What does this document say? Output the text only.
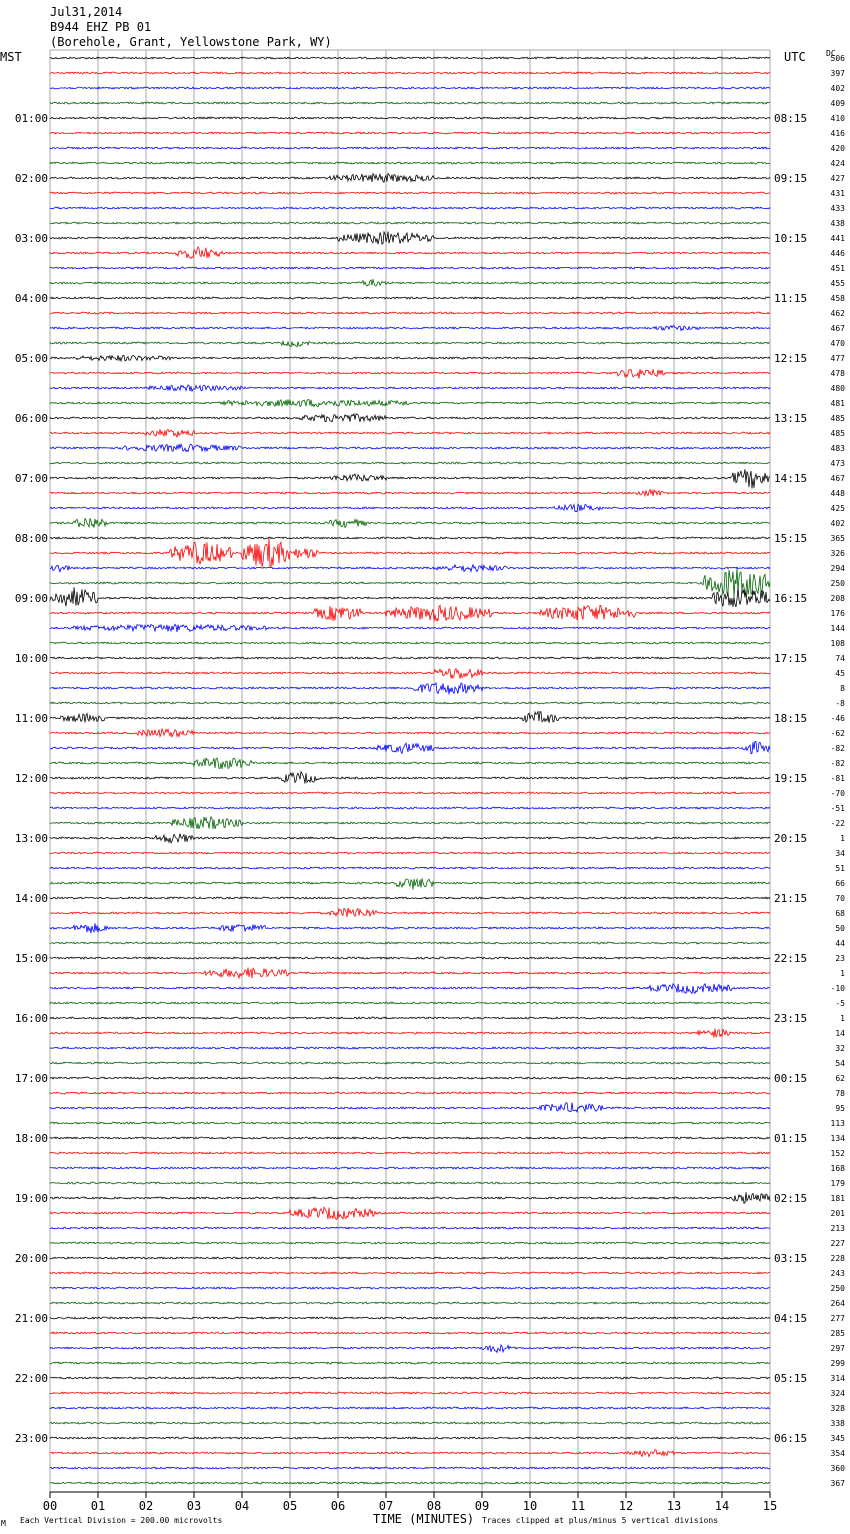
Jul31,2014
B944 EHZ PB 01
(Borehole, Grant, Yellowstone Park, WY)
MST	UTC	DC
01:00
02:00
03:00
04:00
05:00
06:00
07:00
08:00
09:00
10:00
11:00
12:00
13:00
14:00
15:00
16:00
17:00
18:00
19:00
20:00
21:00
22:00
23:00
08:15
09:15
10:15
11:15
12:15
13:15
14:15
15:15
16:15
17:15
18:15
19:15
20:15
21:15
22:15
23:15
00:15
01:15
02:15
03:15
04:15
05:15
06:15
506
397
402
409
410
416
420
424
427
431
433
438
441
446
451
455
458
462
467
470
477
478
480
481
485
485
483
473
467
448
425
402
365
326
294
250
208
176
144
108
74
45
8
-8
-46
-62
-82
-82
-81
-70
-51
-22
1
34
51
66
70
68
50
44
23
1
-10
-5
1
14
32
54
62
78
95
113
134
152
168
179
181
201
213
227
228
243
250
264
277
285
297
299
314
324
328
338
345
354
360
367
00	01	02	03	04	05	06	07	08	09	10	11	12	13	14	15
TIME (MINUTES)
Each Vertical Division = 200.00 microvolts	Traces clipped at plus/minus 5 vertical divisions
M
